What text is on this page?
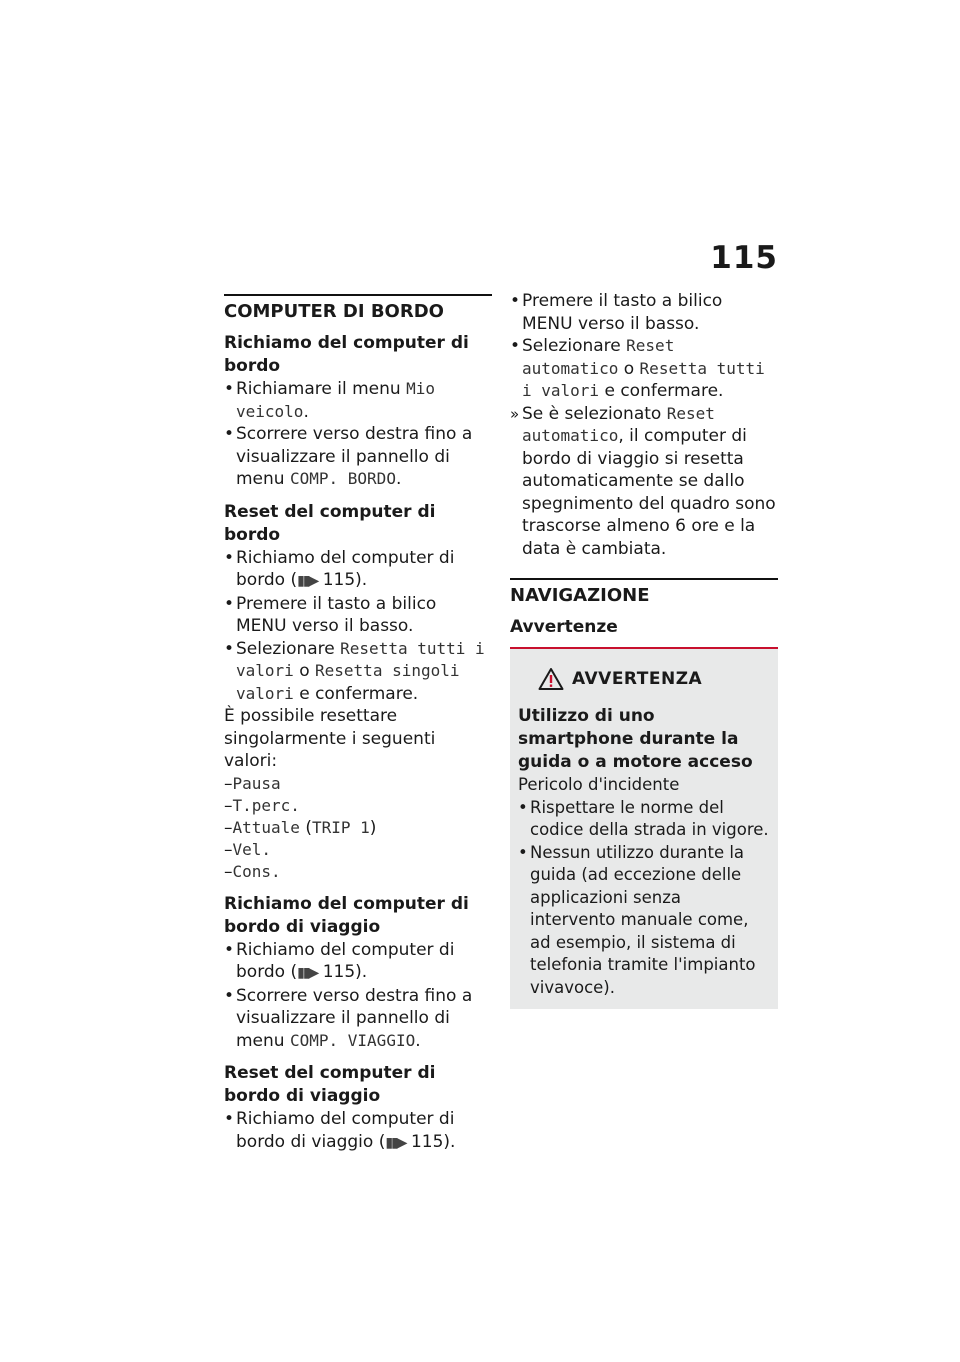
115
COMPUTER DI BORDO
Richiamo del computer di bordo
• Richiamare il menu Mio veicolo.
• Scorrere verso destra fino a visualizzare il pannello di menu COMP. BORDO.
Reset del computer di bordo
• Richiamo del computer di bordo (▮▮▶ 115).
• Premere il tasto a bilico MENU verso il basso.
• Selezionare Resetta tutti i valori o Resetta singoli valori e confermare.

È possibile resettare singolarmente i seguenti valori:

–Pausa
–T.perc.
–Attuale (TRIP 1)
–Vel.
–Cons.
Richiamo del computer di bordo di viaggio
• Richiamo del computer di bordo (▮▮▶ 115).
• Scorrere verso destra fino a visualizzare il pannello di menu COMP. VIAGGIO.
Reset del computer di bordo di viaggio
• Richiamo del computer di bordo di viaggio (▮▮▶ 115).
• Premere il tasto a bilico MENU verso il basso.
• Selezionare Reset automatico o Resetta tutti i valori e confermare.
» Se è selezionato Reset automatico, il computer di bordo di viaggio si resetta automaticamente se dallo spegnimento del quadro sono trascorse almeno 6 ore e la data è cambiata.
NAVIGAZIONE
Avvertenze
AVVERTENZA
Utilizzo di uno smartphone durante la guida o a motore acceso

Pericolo d'incidente

• Rispettare le norme del codice della strada in vigore.
• Nessun utilizzo durante la guida (ad eccezione delle applicazioni senza intervento manuale come, ad esempio, il sistema di telefonia tramite l'impianto vivavoce).
